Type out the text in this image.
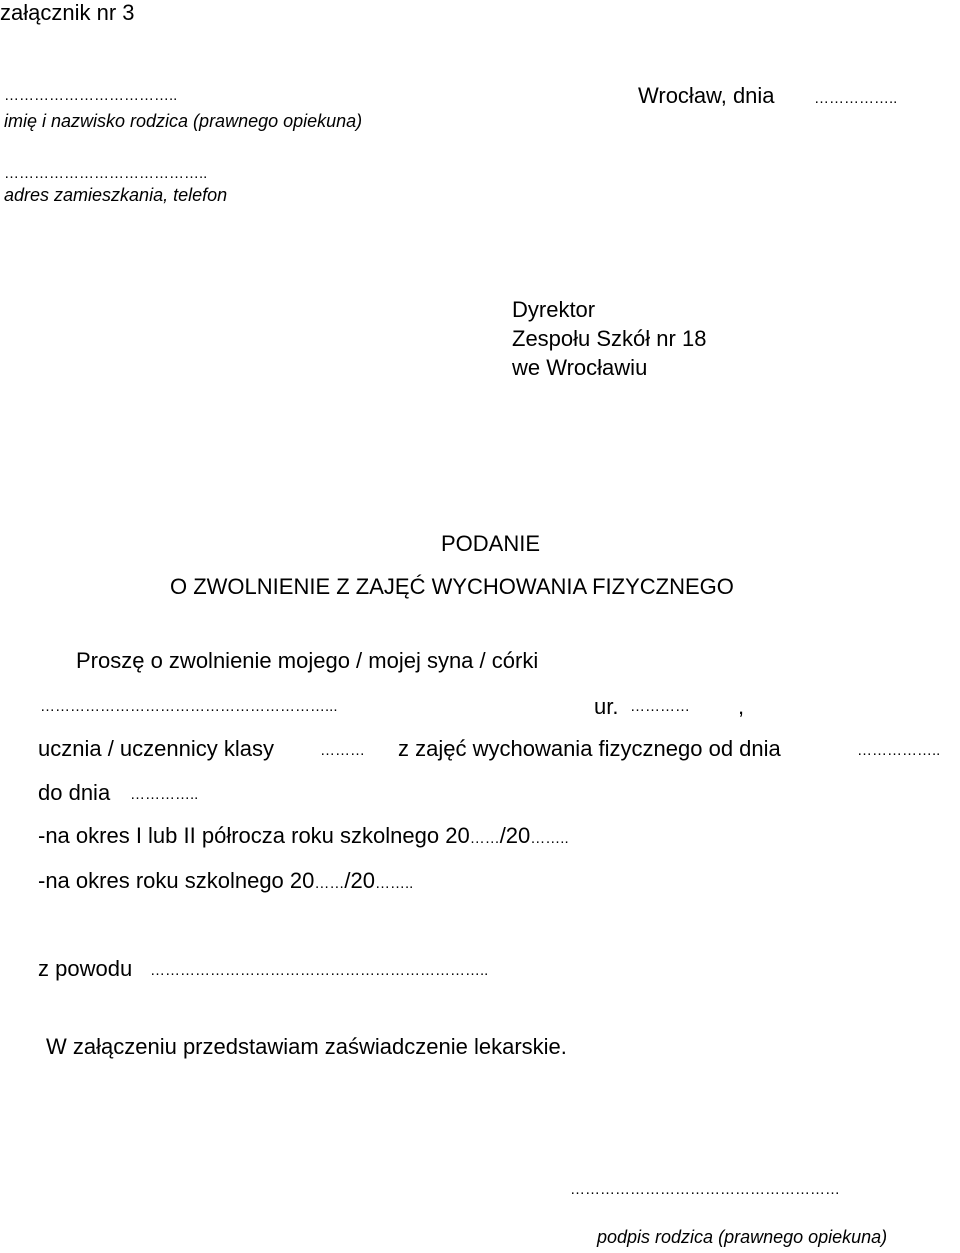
załącznik nr 3
……………………………..
imię i nazwisko rodzica (prawnego opiekuna)
…………………………………..
adres zamieszkania, telefon
Wrocław, dnia	……………..
Dyrektor
Zespołu Szkół nr 18
we Wrocławiu
PODANIE
O ZWOLNIENIE Z ZAJĘĆ WYCHOWANIA FIZYCZNEGO
Proszę o zwolnienie mojego / mojej syna / córki
…………………………………………………...	ur. ………… ,
ucznia / uczennicy klasy	……… z zajęć wychowania fizycznego od dnia	……………..
do dnia …………..
-na okres I lub II półrocza roku szkolnego 20……/20……..
-na okres roku szkolnego 20……/20……..
z powodu …………………………………………………………..
W załączeniu przedstawiam zaświadczenie lekarskie.
………………………………………………
podpis rodzica (prawnego opiekuna)
